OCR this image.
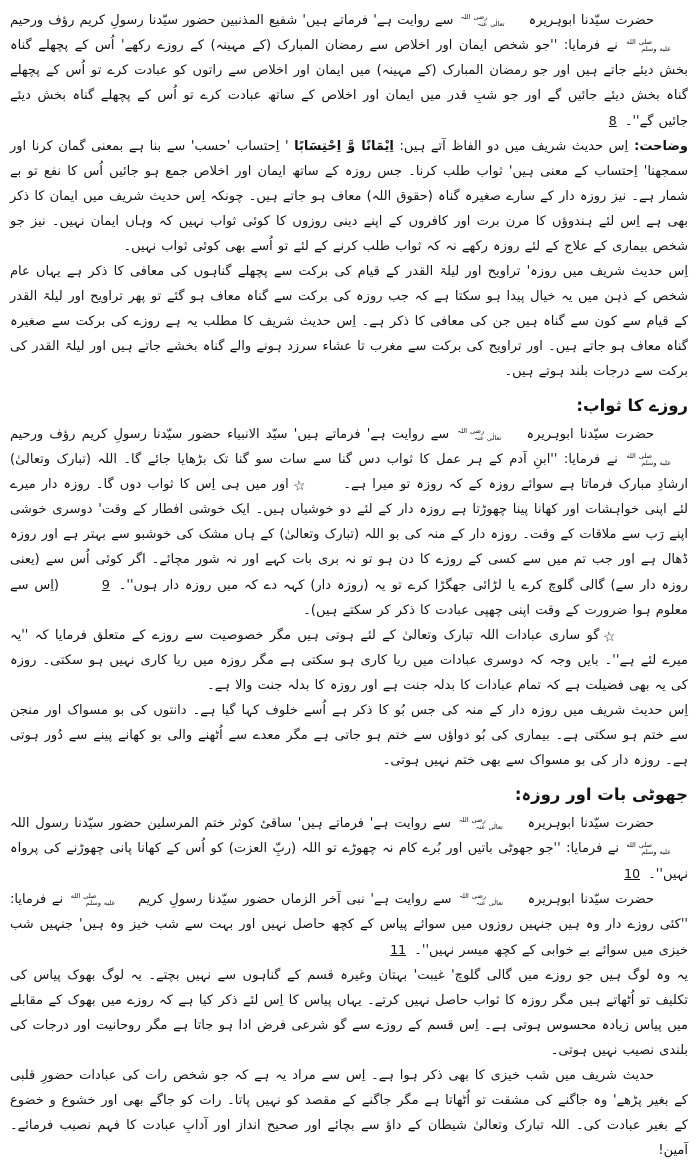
حضرت سیّدنا ابوہریرہ رضی اللہ
تعالٰی عنہ سے روایت ہے' فرماتے ہیں' شفیع المذنبین حضور سیّدنا رسولِ کریم رؤف ورحیم صلى الله
عليه وسلم نے فرمایا: ''جو شخص ایمان اور اخلاص سے رمضان المبارک (کے مہینہ) کے روزے رکھے' اُس کے پچھلے گناہ بخش دیئے جاتے ہیں اور جو رمضان المبارک (کے مہینہ) میں ایمان اور اخلاص سے راتوں کو عبادت کرے تو اُس کے پچھلے گناہ بخش دیئے جائیں گے اور جو شبِ قدر میں ایمان اور اخلاص کے ساتھ عبادت کرے تو اُس کے پچھلے گناہ بخش دیئے جائیں گے''۔ 8

وضاحت: اِس حدیث شریف میں دو الفاظ آتے ہیں: اِیْمَانًا وَّ اِحْتِسَابًا ' اِحتساب 'حسب' سے بنا ہے بمعنی گمان کرنا اور سمجھنا' اِحتساب کے معنی ہیں' ثواب طلب کرنا۔ جس روزہ کے ساتھ ایمان اور اخلاص جمع ہو جائیں اُس کا نفع تو بے شمار ہے۔ نیز روزہ دار کے سارے صغیرہ گناہ (حقوق اللہ) معاف ہو جاتے ہیں۔ چونکہ اِس حدیث شریف میں ایمان کا ذکر بھی ہے اِس لئے ہندوؤں کا مرن برت اور کافروں کے اپنے دینی روزوں کا کوئی ثواب نہیں کہ وہاں ایمان نہیں۔ نیز جو شخص بیماری کے علاج کے لئے روزہ رکھے نہ کہ ثواب طلب کرنے کے لئے تو اُسے بھی کوئی ثواب نہیں۔

اِس حدیث شریف میں روزہ' تراویح اور لیلۃ القدر کے قیام کی برکت سے پچھلے گناہوں کی معافی کا ذکر ہے یہاں عام شخص کے ذہن میں یہ خیال پیدا ہو سکتا ہے کہ جب روزہ کی برکت سے گناہ معاف ہو گئے تو پھر تراویح اور لیلۃ القدر کے قیام سے کون سے گناہ ہیں جن کی معافی کا ذکر ہے۔ اِس حدیث شریف کا مطلب یہ ہے روزے کی برکت سے صغیرہ گناہ معاف ہو جاتے ہیں۔ اور تراویح کی برکت سے مغرب تا عشاء سرزد ہونے والے گناہ بخشے جاتے ہیں اور لیلۃ القدر کی برکت سے درجات بلند ہوتے ہیں۔

روزے کا ثواب:

حضرت سیّدنا ابوہریرہ رضی اللہ
تعالٰی عنہ سے روایت ہے' فرماتے ہیں' سیّد الانبیاء حضور سیّدنا رسولِ کریم رؤف ورحیم صلى الله
عليه وسلم نے فرمایا: ''ابنِ آدم کے ہر عمل کا ثواب دس گنا سے سات سو گنا تک بڑھایا جائے گا۔ اللہ (تبارک وتعالیٰ) ارشادِ مبارک فرماتا ہے سوائے روزہ کے کہ روزہ تو میرا ہے۔☆اور میں ہی اِس کا ثواب دوں گا۔ روزہ دار میرے لئے اپنی خواہشات اور کھانا پینا چھوڑتا ہے روزہ دار کے لئے دو خوشیاں ہیں۔ ایک خوشی افطار کے وقت' دوسری خوشی اپنے رَب سے ملاقات کے وقت۔ روزہ دار کے منہ کی بو اللہ (تبارک وتعالیٰ) کے ہاں مشک کی خوشبو سے بہتر ہے اور روزہ ڈھال ہے اور جب تم میں سے کسی کے روزے کا دن ہو تو نہ بری بات کہے اور نہ شور مچائے۔ اگر کوئی اُس سے (یعنی روزہ دار سے) گالی گلوچ کرے یا لڑائی جھگڑا کرے تو یہ (روزہ دار) کہہ دے کہ میں روزہ دار ہوں''۔ 9 (اِس سے معلوم ہوا ضرورت کے وقت اپنی چھپی عبادت کا ذکر کر سکتے ہیں)۔

☆گو ساری عبادات اللہ تبارک وتعالیٰ کے لئے ہوتی ہیں مگر خصوصیت سے روزے کے متعلق فرمایا کہ ''یہ میرے لئے ہے''۔ بایں وجہ کہ دوسری عبادات میں ریا کاری ہو سکتی ہے مگر روزہ میں ریا کاری نہیں ہو سکتی۔ روزہ کی یہ بھی فضیلت ہے کہ تمام عبادات کا بدلہ جنت ہے اور روزہ کا بدلہ جنت والا ہے۔

اِس حدیث شریف میں روزہ دار کے منہ کی جس بُو کا ذکر ہے اُسے خلوف کہا گیا ہے۔ دانتوں کی بو مسواک اور منجن سے ختم ہو سکتی ہے۔ بیماری کی بُو دواؤں سے ختم ہو جاتی ہے مگر معدے سے اُٹھنے والی بو کھانے پینے سے دُور ہوتی ہے۔ روزہ دار کی بو مسواک سے بھی ختم نہیں ہوتی۔

جھوٹی بات اور روزہ:

حضرت سیّدنا ابوہریرہ رضی اللہ
تعالٰی عنہ سے روایت ہے' فرماتے ہیں' ساقیٔ کوثر ختم المرسلین حضور سیّدنا رسول اللہ صلى الله
عليه وسلم نے فرمایا: ''جو جھوٹی باتیں اور بُرے کام نہ چھوڑے تو اللہ (ربِّ العزت) کو اُس کے کھانا پانی چھوڑنے کی پرواہ نہیں''۔ 10

حضرت سیّدنا ابوہریرہ رضی اللہ
تعالٰی عنہ سے روایت ہے' نبی آخر الزماں حضور سیّدنا رسولِ کریم صلى الله
عليه وسلم نے فرمایا: ''کئی روزے دار وہ ہیں جنہیں روزوں میں سوائے پیاس کے کچھ حاصل نہیں اور بہت سے شب خیز وہ ہیں' جنہیں شب خیزی میں سوائے بے خوابی کے کچھ میسر نہیں''۔ 11

یہ وہ لوگ ہیں جو روزے میں گالی گلوچ' غیبت' بہتان وغیرہ قسم کے گناہوں سے نہیں بچتے۔ یہ لوگ بھوک پیاس کی تکلیف تو اُٹھاتے ہیں مگر روزہ کا ثواب حاصل نہیں کرتے۔ یہاں پیاس کا اِس لئے ذکر کیا ہے کہ روزے میں بھوک کے مقابلے میں پیاس زیادہ محسوس ہوتی ہے۔ اِس قسم کے روزے سے گو شرعی فرض ادا ہو جاتا ہے مگر روحانیت اور درجات کی بلندی نصیب نہیں ہوتی۔

حدیث شریف میں شب خیزی کا بھی ذکر ہوا ہے۔ اِس سے مراد یہ ہے کہ جو شخص رات کی عبادات حضورِ قلبی کے بغیر پڑھے' وہ جاگنے کی مشقت تو اُٹھاتا ہے مگر جاگنے کے مقصد کو نہیں پاتا۔ رات کو جاگے بھی اور خشوع و خضوع کے بغیر عبادت کی۔ اللہ تبارک وتعالیٰ شیطان کے داؤ سے بچائے اور صحیح انداز اور آدابِ عبادت کا فہم نصیب فرمائے۔ آمین!
